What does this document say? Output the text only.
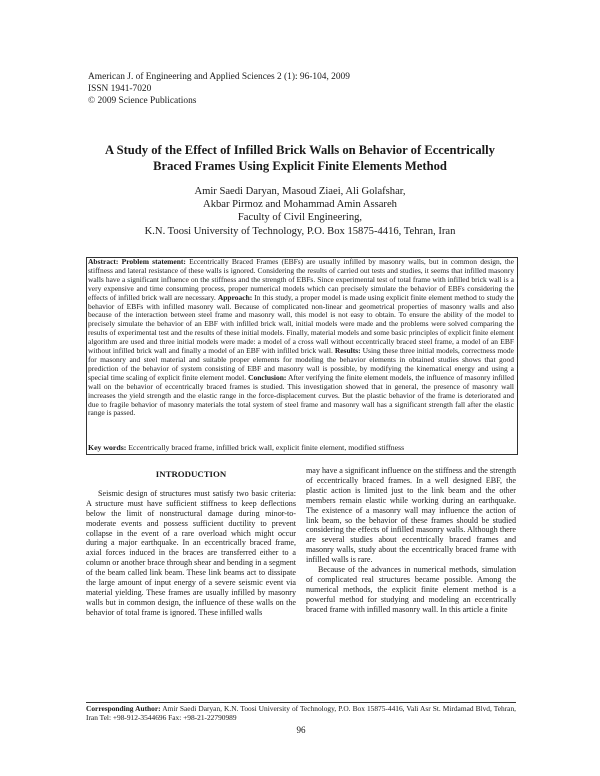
American J. of Engineering and Applied Sciences 2 (1): 96-104, 2009
ISSN 1941-7020
© 2009 Science Publications
A Study of the Effect of Infilled Brick Walls on Behavior of Eccentrically Braced Frames Using Explicit Finite Elements Method
Amir Saedi Daryan, Masoud Ziaei, Ali Golafshar,
Akbar Pirmoz and Mohammad Amin Assareh
Faculty of Civil Engineering,
K.N. Toosi University of Technology, P.O. Box 15875-4416, Tehran, Iran
Abstract: Problem statement: Eccentrically Braced Frames (EBFs) are usually infilled by masonry walls, but in common design, the stiffness and lateral resistance of these walls is ignored. Considering the results of carried out tests and studies, it seems that infilled masonry walls have a significant influence on the stiffness and the strength of EBFs. Since experimental test of total frame with infilled brick wall is a very expensive and time consuming process, proper numerical models which can precisely simulate the behavior of EBFs considering the effects of infilled brick wall are necessary. Approach: In this study, a proper model is made using explicit finite element method to study the behavior of EBFs with infilled masonry wall. Because of complicated non-linear and geometrical properties of masonry walls and also because of the interaction between steel frame and masonry wall, this model is not easy to obtain. To ensure the ability of the model to precisely simulate the behavior of an EBF with infilled brick wall, initial models were made and the problems were solved comparing the results of experimental test and the results of these initial models. Finally, material models and some basic principles of explicit finite element algorithm are used and three initial models were made: a model of a cross wall without eccentrically braced steel frame, a model of an EBF without infilled brick wall and finally a model of an EBF with infilled brick wall. Results: Using these three initial models, correctness mode for masonry and steel material and suitable proper elements for modeling the behavior elements in obtained studies shows that good prediction of the behavior of system consisting of EBF and masonry wall is possible, by modifying the kinematical energy and using a special time scaling of explicit finite element model. Conclusion: After verifying the finite element models, the influence of masonry infilled wall on the behavior of eccentrically braced frames is studied. This investigation showed that in general, the presence of masonry wall increases the yield strength and the elastic range in the force-displacement curves. But the plastic behavior of the frame is deteriorated and due to fragile behavior of masonry materials the total system of steel frame and masonry wall has a significant strength fall after the elastic range is passed.
Key words: Eccentrically braced frame, infilled brick wall, explicit finite element, modified stiffness
INTRODUCTION

Seismic design of structures must satisfy two basic criteria: A structure must have sufficient stiffness to keep deflections below the limit of nonstructural damage during minor-to-moderate events and possess sufficient ductility to prevent collapse in the event of a rare overload which might occur during a major earthquake. In an eccentrically braced frame, axial forces induced in the braces are transferred either to a column or another brace through shear and bending in a segment of the beam called link beam. These link beams act to dissipate the large amount of input energy of a severe seismic event via material yielding. These frames are usually infilled by masonry walls but in common design, the influence of these walls on the behavior of total frame is ignored. These infilled walls

may have a significant influence on the stiffness and the strength of eccentrically braced frames. In a well designed EBF, the plastic action is limited just to the link beam and the other members remain elastic while working during an earthquake. The existence of a masonry wall may influence the action of link beam, so the behavior of these frames should be studied considering the effects of infilled masonry walls. Although there are several studies about eccentrically braced frames and masonry walls, study about the eccentrically braced frame with infilled walls is rare.

Because of the advances in numerical methods, simulation of complicated real structures became possible. Among the numerical methods, the explicit finite element method is a powerful method for studying and modeling an eccentrically braced frame with infilled masonry wall. In this article a finite

Corresponding Author: Amir Saedi Daryan, K.N. Toosi University of Technology, P.O. Box 15875-4416, Vali Asr St. Mirdamad Blvd, Tehran, Iran Tel: +98-912-3544696 Fax: +98-21-22790989
96
